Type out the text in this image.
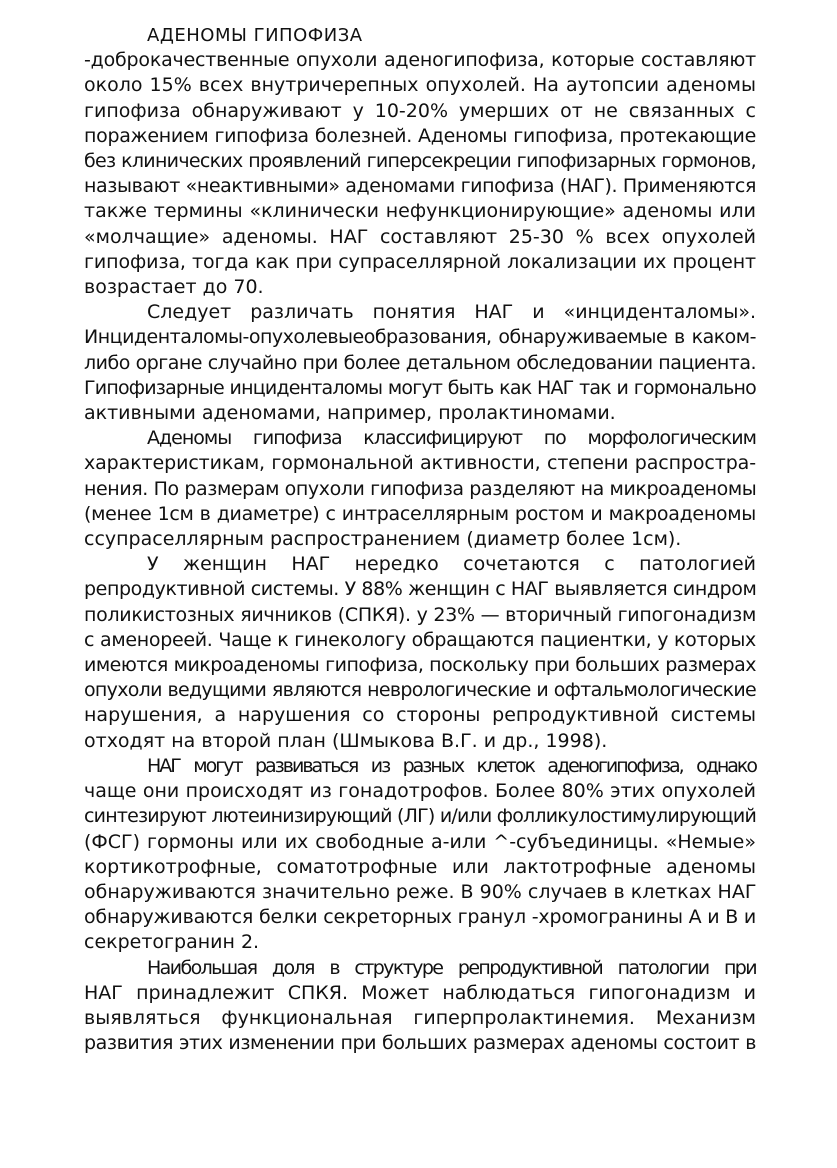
АДЕНОМЫ ГИПОФИЗА
-доброкачественные опухоли аденогипофиза, которые составляют
около 15% всех внутричерепных опухолей. На аутопсии аденомы
гипофиза обнаруживают у 10-20% умерших от не связанных с
поражением гипофиза болезней. Аденомы гипофиза, протекающие
без клинических проявлений гиперсекреции гипофизарных гормонов,
называют «неактивными» аденомами гипофиза (НАГ). Применяются
также термины «клинически нефункционирующие» аденомы или
«молчащие» аденомы. НАГ составляют 25-30 % всех опухолей
гипофиза, тогда как при супраселлярной локализации их процент
возрастает до 70.
Следует различать понятия НАГ и «инциденталомы».
Инциденталомы-опухолевыеобразования, обнаруживаемые в каком-
либо органе случайно при более детальном обследовании пациента.
Гипофизарные инциденталомы могут быть как НАГ так и гормонально
активными аденомами, например, пролактиномами.
Аденомы гипофиза классифицируют по морфологическим
характеристикам, гормональной активности, степени распростра-
нения. По размерам опухоли гипофиза разделяют на микроаденомы
(менее 1см в диаметре) с интраселлярным ростом и макроаденомы
ссупраселлярным распространением (диаметр более 1см).
У женщин НАГ нередко сочетаются с патологией
репродуктивной системы. У 88% женщин с НАГ выявляется синдром
поликистозных яичников (СПКЯ). у 23% — вторичный гипогонадизм
с аменореей. Чаще к гинекологу обращаются пациентки, у которых
имеются микроаденомы гипофиза, поскольку при больших размерах
опухоли ведущими являются неврологические и офтальмологические
нарушения, а нарушения со стороны репродуктивной системы
отходят на второй план (Шмыкова В.Г. и др., 1998).
НАГ могут развиваться из разных клеток аденогипофиза, однако
чаще они происходят из гонадотрофов. Более 80% этих опухолей
синтезируют лютеинизирующий (ЛГ) и/или фолликулостимулирующий
(ФСГ) гормоны или их свободные а-или ^-субъединицы. «Немые»
кортикотрофные, соматотрофные или лактотрофные аденомы
обнаруживаются значительно реже. В 90% случаев в клетках НАГ
обнаруживаются белки секреторных гранул -хромогранины А и В и
секретогранин 2.
Наибольшая доля в структуре репродуктивной патологии при
НАГ принадлежит СПКЯ. Может наблюдаться гипогонадизм и
выявляться функциональная гиперпролактинемия. Механизм
развития этих изменении при больших размерах аденомы состоит в
